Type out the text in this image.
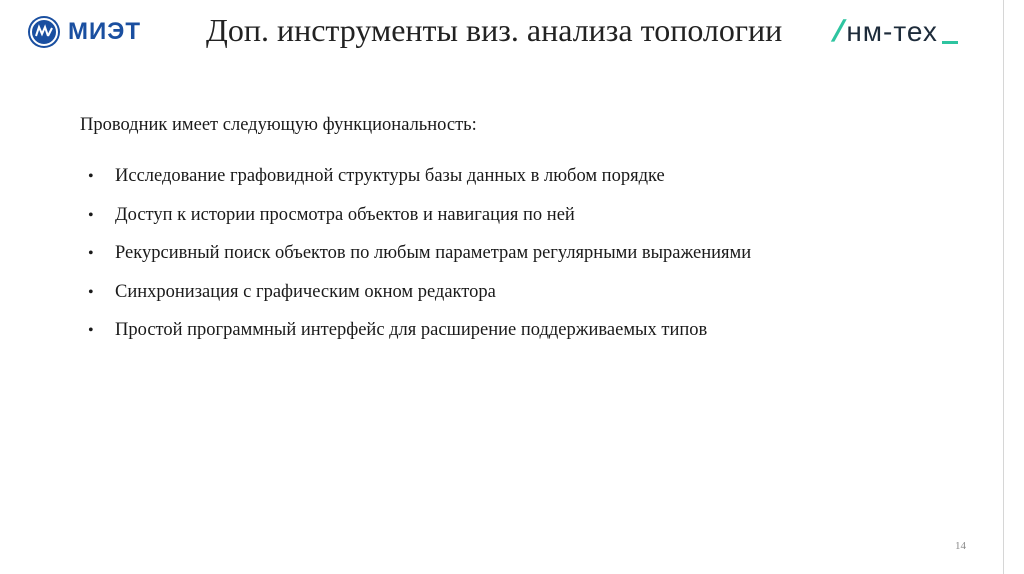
МИЭТ Доп. инструменты виз. анализа топологии /
нм-тех
Проводник имеет следующую функциональность:
•	Исследование графовидной структуры базы данных в любом порядке
•	Доступ к истории просмотра объектов и навигация по ней
•	Рекурсивный поиск объектов по любым параметрам регулярными выражениями
•	Синхронизация с графическим окном редактора
•	Простой программный интерфейс для расширение поддерживаемых типов
14
